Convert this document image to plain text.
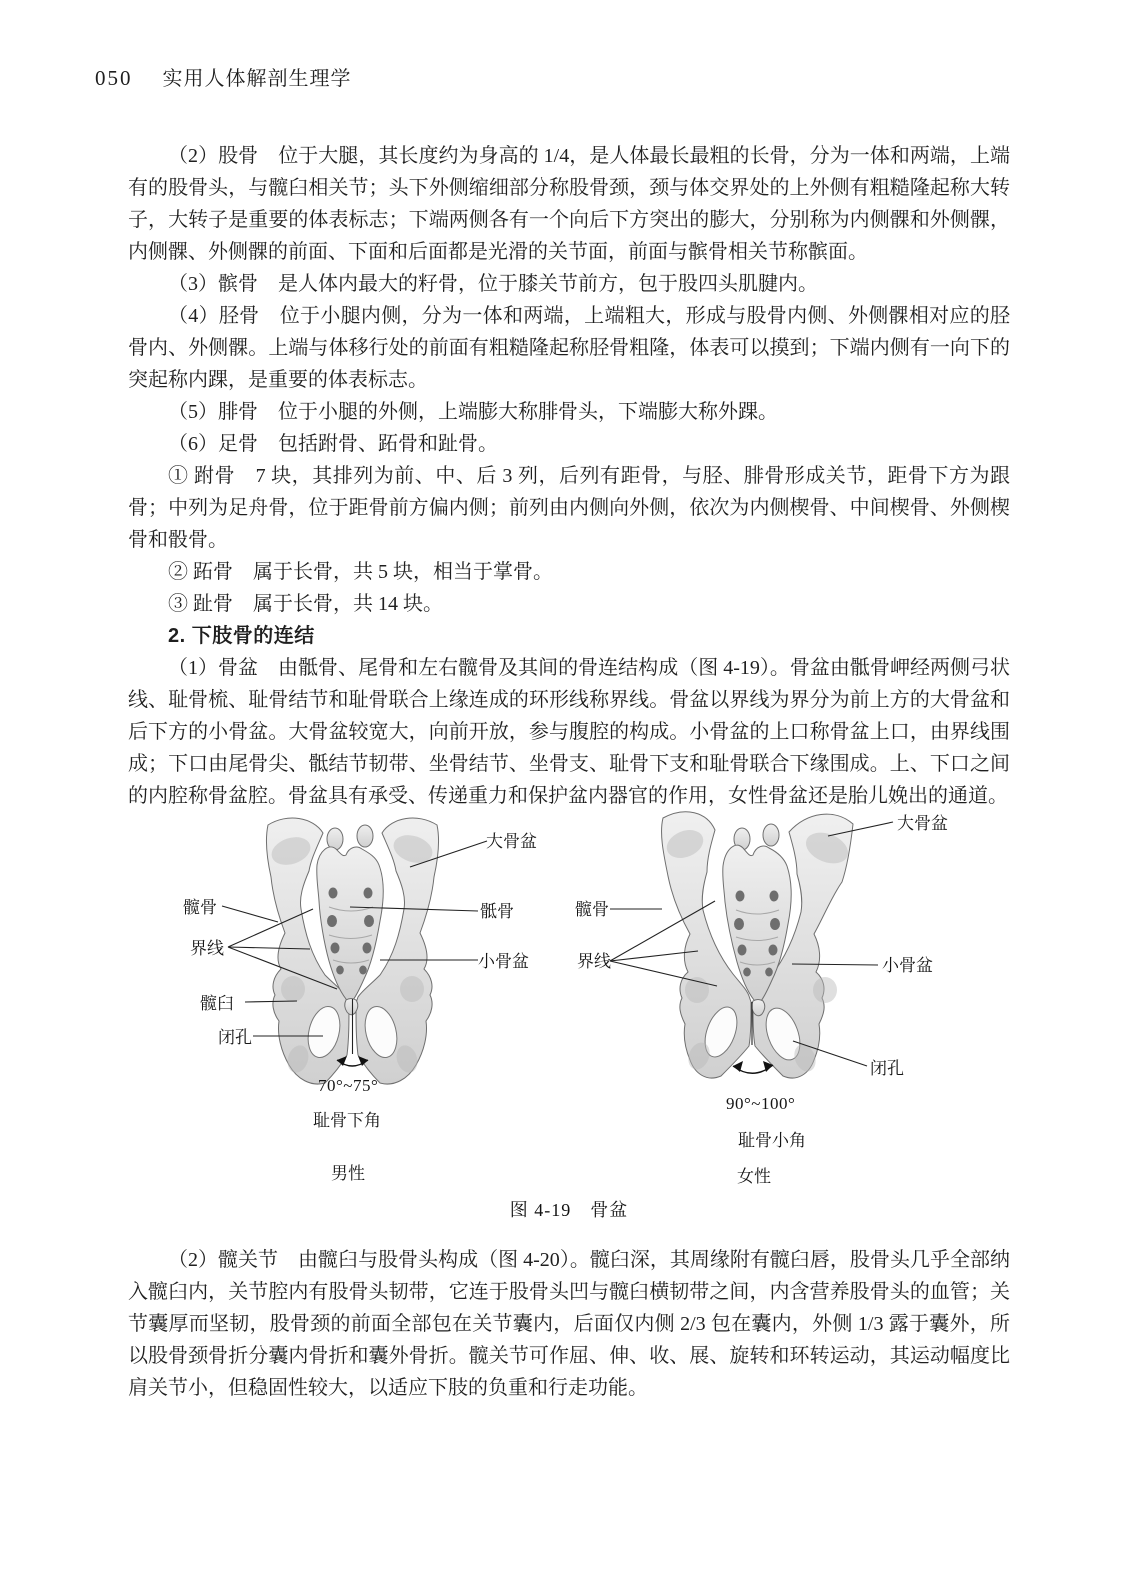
050 实用人体解剖生理学

（2）股骨　位于大腿，其长度约为身高的 1/4，是人体最长最粗的长骨，分为一体和两端，上端有的股骨头，与髋臼相关节；头下外侧缩细部分称股骨颈，颈与体交界处的上外侧有粗糙隆起称大转子，大转子是重要的体表标志；下端两侧各有一个向后下方突出的膨大，分别称为内侧髁和外侧髁，内侧髁、外侧髁的前面、下面和后面都是光滑的关节面，前面与髌骨相关节称髌面。

（3）髌骨　是人体内最大的籽骨，位于膝关节前方，包于股四头肌腱内。

（4）胫骨　位于小腿内侧，分为一体和两端，上端粗大，形成与股骨内侧、外侧髁相对应的胫骨内、外侧髁。上端与体移行处的前面有粗糙隆起称胫骨粗隆，体表可以摸到；下端内侧有一向下的突起称内踝，是重要的体表标志。

（5）腓骨　位于小腿的外侧，上端膨大称腓骨头，下端膨大称外踝。

（6）足骨　包括跗骨、跖骨和趾骨。

① 跗骨　7 块，其排列为前、中、后 3 列，后列有距骨，与胫、腓骨形成关节，距骨下方为跟骨；中列为足舟骨，位于距骨前方偏内侧；前列由内侧向外侧，依次为内侧楔骨、中间楔骨、外侧楔骨和骰骨。

② 跖骨　属于长骨，共 5 块，相当于掌骨。

③ 趾骨　属于长骨，共 14 块。

2. 下肢骨的连结

（1）骨盆　由骶骨、尾骨和左右髋骨及其间的骨连结构成（图 4-19）。骨盆由骶骨岬经两侧弓状线、耻骨梳、耻骨结节和耻骨联合上缘连成的环形线称界线。骨盆以界线为界分为前上方的大骨盆和后下方的小骨盆。大骨盆较宽大，向前开放，参与腹腔的构成。小骨盆的上口称骨盆上口，由界线围成；下口由尾骨尖、骶结节韧带、坐骨结节、坐骨支、耻骨下支和耻骨联合下缘围成。上、下口之间的内腔称骨盆腔。骨盆具有承受、传递重力和保护盆内器官的作用，女性骨盆还是胎儿娩出的通道。

髋骨
界线
髋臼
闭孔
大骨盆
骶骨
小骨盆
70°~75°
耻骨下角
男性
大骨盆
髋骨
界线	小骨盆
闭孔
90°~100°
耻骨小角
女性
图 4-19　骨盆

（2）髋关节　由髋臼与股骨头构成（图 4-20）。髋臼深，其周缘附有髋臼唇，股骨头几乎全部纳入髋臼内，关节腔内有股骨头韧带，它连于股骨头凹与髋臼横韧带之间，内含营养股骨头的血管；关节囊厚而坚韧，股骨颈的前面全部包在关节囊内，后面仅内侧 2/3 包在囊内，外侧 1/3 露于囊外，所以股骨颈骨折分囊内骨折和囊外骨折。髋关节可作屈、伸、收、展、旋转和环转运动，其运动幅度比肩关节小，但稳固性较大，以适应下肢的负重和行走功能。
